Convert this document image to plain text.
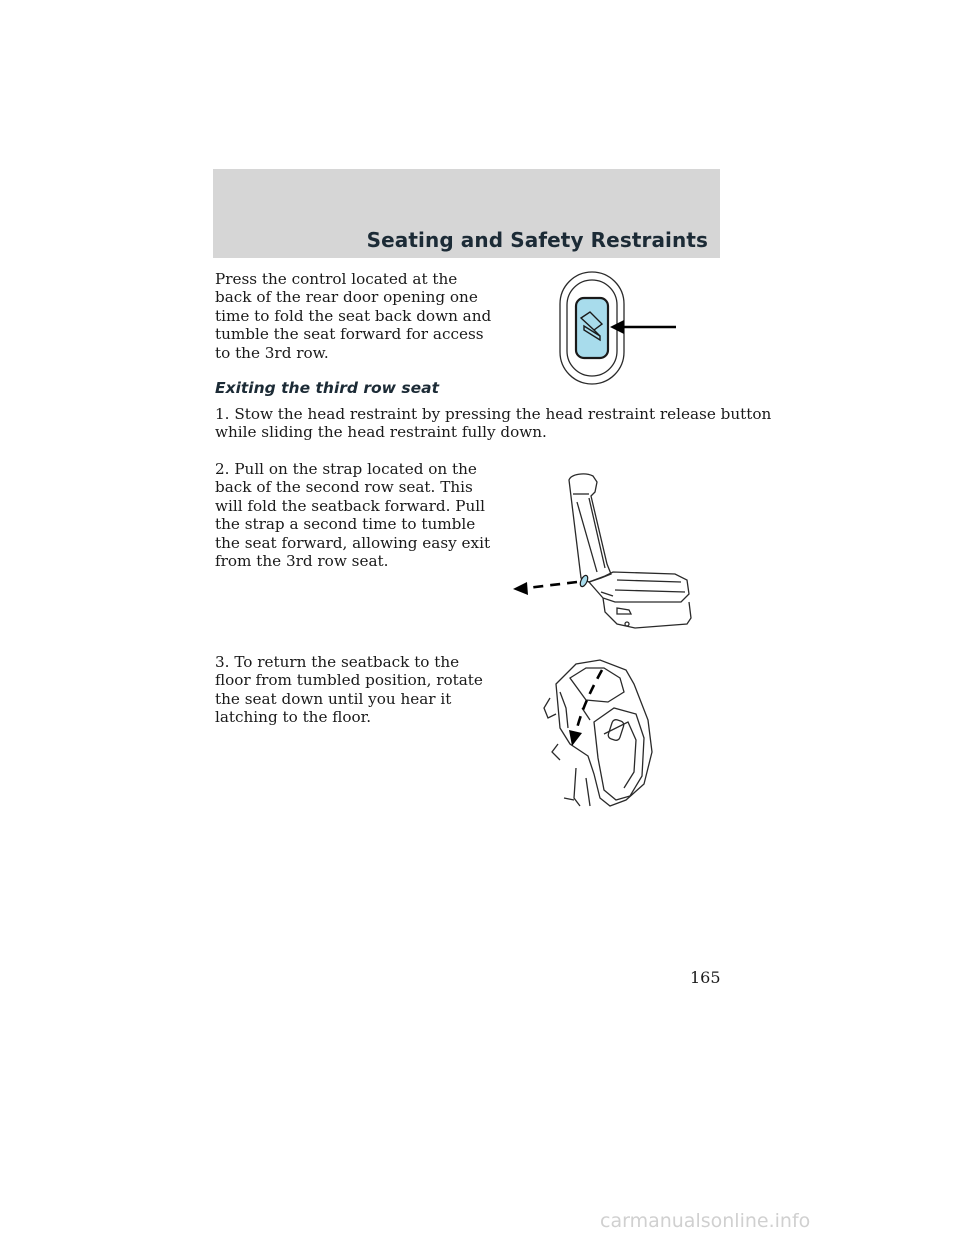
Seating and Safety Restraints
Press the control located at the
back of the rear door opening one
time to fold the seat back down and
tumble the seat forward for access
to the 3rd row.
Exiting the third row seat
1. Stow the head restraint by pressing the head restraint release button
while sliding the head restraint fully down.
2. Pull on the strap located on the
back of the second row seat. This
will fold the seatback forward. Pull
the strap a second time to tumble
the seat forward, allowing easy exit
from the 3rd row seat.
3. To return the seatback to the
floor from tumbled position, rotate
the seat down until you hear it
latching to the floor.
165
carmanualsonline.info
